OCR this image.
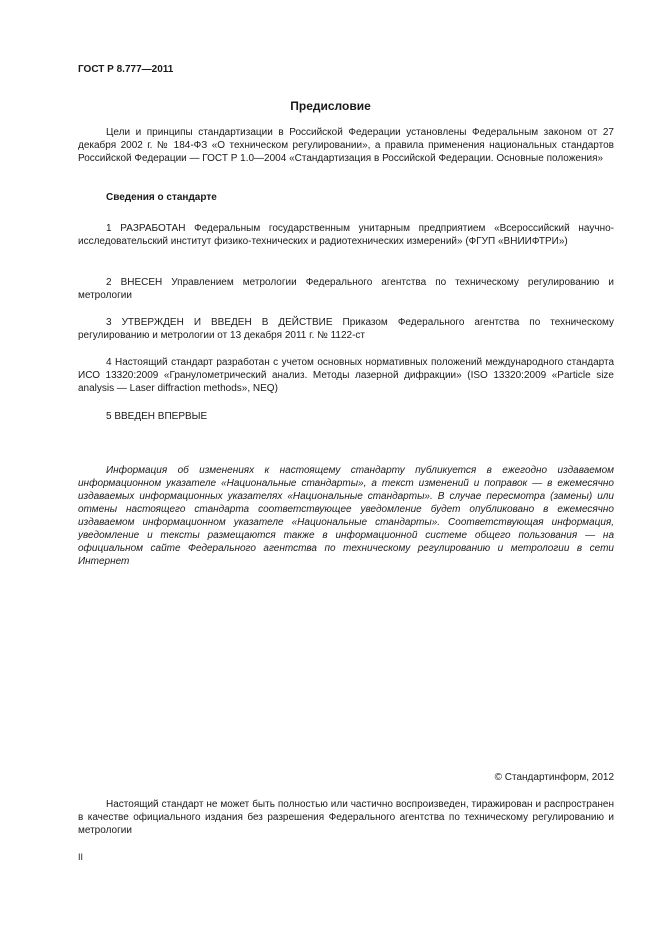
ГОСТ Р 8.777—2011
Предисловие
Цели и принципы стандартизации в Российской Федерации установлены Федеральным законом от 27 декабря 2002 г. № 184-ФЗ «О техническом регулировании», а правила применения национальных стандартов Российской Федерации — ГОСТ Р 1.0—2004 «Стандартизация в Российской Федерации. Основные положения»
Сведения о стандарте
1 РАЗРАБОТАН Федеральным государственным унитарным предприятием «Всероссийский научно-исследовательский институт физико-технических и радиотехнических измерений» (ФГУП «ВНИИФТРИ»)
2 ВНЕСЕН Управлением метрологии Федерального агентства по техническому регулированию и метрологии
3 УТВЕРЖДЕН И ВВЕДЕН В ДЕЙСТВИЕ Приказом Федерального агентства по техническому регулированию и метрологии от 13 декабря 2011 г. № 1122-ст
4 Настоящий стандарт разработан с учетом основных нормативных положений международного стандарта ИСО 13320:2009 «Гранулометрический анализ. Методы лазерной дифракции» (ISO 13320:2009 «Particle size analysis — Laser diffraction methods», NEQ)
5 ВВЕДЕН ВПЕРВЫЕ
Информация об изменениях к настоящему стандарту публикуется в ежегодно издаваемом информационном указателе «Национальные стандарты», а текст изменений и поправок — в ежемесячно издаваемых информационных указателях «Национальные стандарты». В случае пересмотра (замены) или отмены настоящего стандарта соответствующее уведомление будет опубликовано в ежемесячно издаваемом информационном указателе «Национальные стандарты». Соответствующая информация, уведомление и тексты размещаются также в информационной системе общего пользования — на официальном сайте Федерального агентства по техническому регулированию и метрологии в сети Интернет
© Стандартинформ, 2012
Настоящий стандарт не может быть полностью или частично воспроизведен, тиражирован и распространен в качестве официального издания без разрешения Федерального агентства по техническому регулированию и метрологии
II
